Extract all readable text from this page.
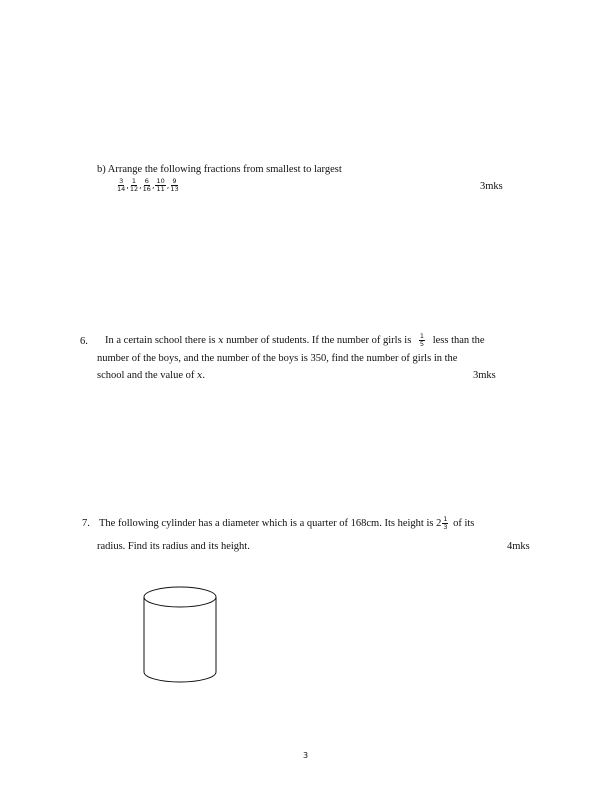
b) Arrange the following fractions from smallest to largest
$\frac{3}{14}$ , $\frac{1}{12}$ , $\frac{6}{16}$ , $\frac{10}{11}$ , $\frac{9}{13}$	3mks
6. In a certain school there is x number of students. If the number of girls is $\frac{1}{5}$ less than the
number of the boys, and the number of the boys is 350, find the number of girls in the
school and the value of x.	3mks
7. The following cylinder has a diameter which is a quarter of 168cm. Its height is $2 \frac{1}{3}$ of its
radius. Find its radius and its height.	4mks
3
